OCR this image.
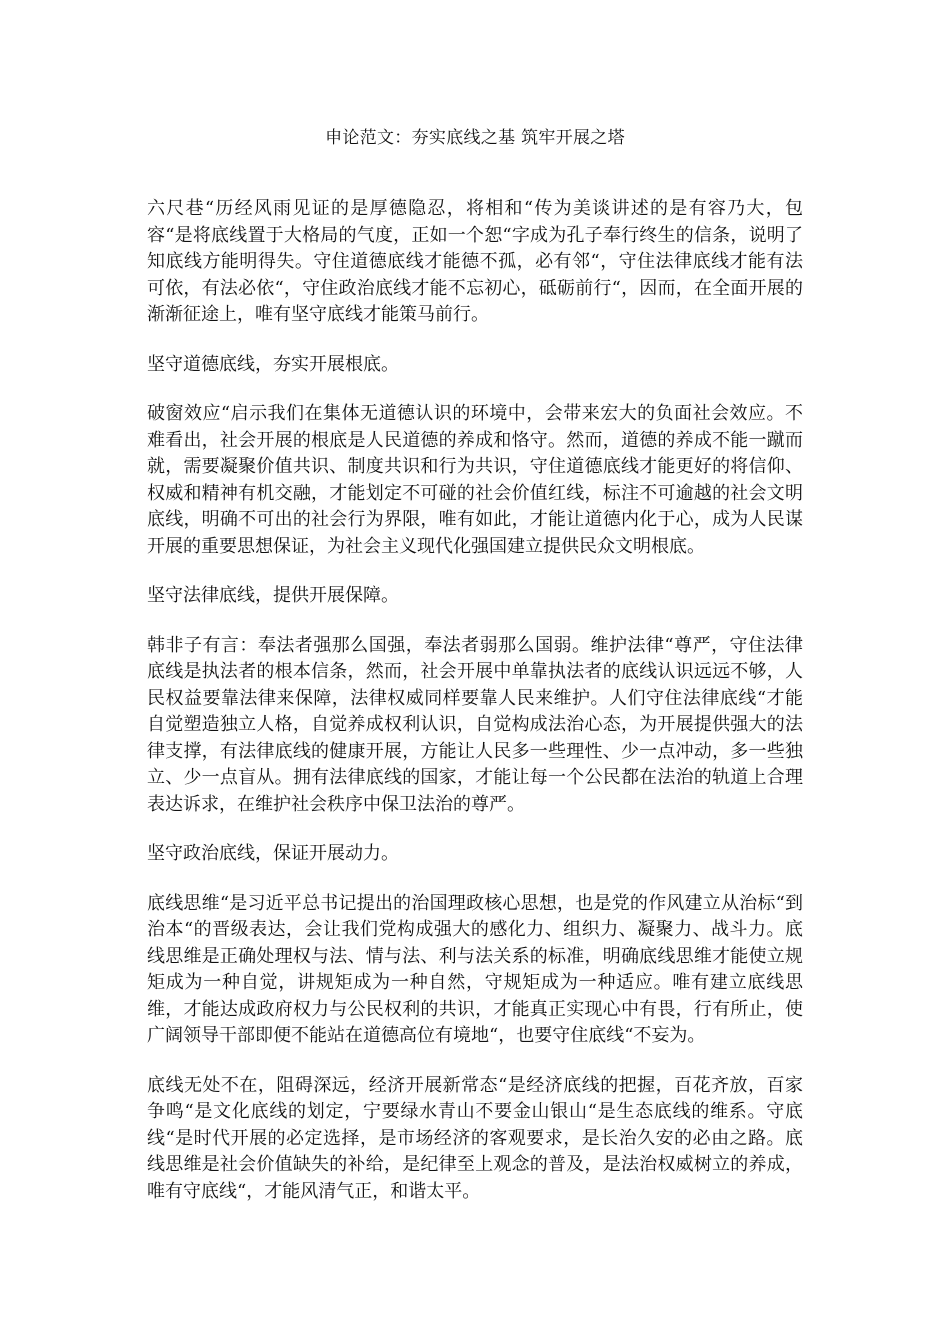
申论范文：夯实底线之基 筑牢开展之塔

六尺巷“历经风雨见证的是厚德隐忍，将相和“传为美谈讲述的是有容乃大，包容“是将底线置于大格局的气度，正如一个恕“字成为孔子奉行终生的信条，说明了知底线方能明得失。守住道德底线才能德不孤，必有邻“，守住法律底线才能有法可依，有法必依“，守住政治底线才能不忘初心，砥砺前行“，因而，在全面开展的渐渐征途上，唯有坚守底线才能策马前行。

坚守道德底线，夯实开展根底。

破窗效应“启示我们在集体无道德认识的环境中，会带来宏大的负面社会效应。不难看出，社会开展的根底是人民道德的养成和恪守。然而，道德的养成不能一蹴而就，需要凝聚价值共识、制度共识和行为共识，守住道德底线才能更好的将信仰、权威和精神有机交融，才能划定不可碰的社会价值红线，标注不可逾越的社会文明底线，明确不可出的社会行为界限，唯有如此，才能让道德内化于心，成为人民谋开展的重要思想保证，为社会主义现代化强国建立提供民众文明根底。

坚守法律底线，提供开展保障。

韩非子有言：奉法者强那么国强，奉法者弱那么国弱。维护法律“尊严，守住法律底线是执法者的根本信条，然而，社会开展中单靠执法者的底线认识远远不够，人民权益要靠法律来保障，法律权威同样要靠人民来维护。人们守住法律底线“才能自觉塑造独立人格，自觉养成权利认识，自觉构成法治心态，为开展提供强大的法律支撑，有法律底线的健康开展，方能让人民多一些理性、少一点冲动，多一些独立、少一点盲从。拥有法律底线的国家，才能让每一个公民都在法治的轨道上合理表达诉求，在维护社会秩序中保卫法治的尊严。

坚守政治底线，保证开展动力。

底线思维“是习近平总书记提出的治国理政核心思想，也是党的作风建立从治标“到治本“的晋级表达，会让我们党构成强大的感化力、组织力、凝聚力、战斗力。底线思维是正确处理权与法、情与法、利与法关系的标准，明确底线思维才能使立规矩成为一种自觉，讲规矩成为一种自然，守规矩成为一种适应。唯有建立底线思维，才能达成政府权力与公民权利的共识，才能真正实现心中有畏，行有所止，使广阔领导干部即便不能站在道德高位有境地“，也要守住底线“不妄为。

底线无处不在，阻碍深远，经济开展新常态“是经济底线的把握，百花齐放，百家争鸣“是文化底线的划定，宁要绿水青山不要金山银山“是生态底线的维系。守底线“是时代开展的必定选择，是市场经济的客观要求，是长治久安的必由之路。底线思维是社会价值缺失的补给，是纪律至上观念的普及，是法治权威树立的养成，唯有守底线“，才能风清气正，和谐太平。
